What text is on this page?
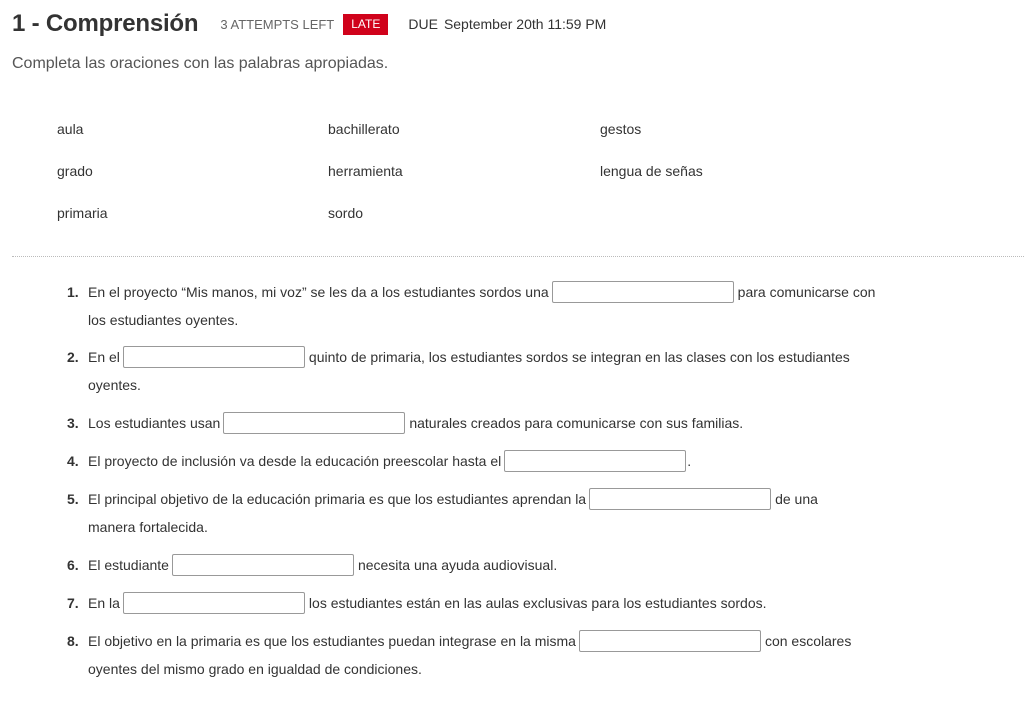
1 - Comprensión 3 ATTEMPTS LEFT	LATE	DUE September 20th 11:59 PM
Completa las oraciones con las palabras apropiadas.
aula	bachillerato	gestos
grado	herramienta	lengua de señas
primaria	sordo
1. En el proyecto “Mis manos, mi voz” se les da a los estudiantes sordos una	para comunicarse con
los estudiantes oyentes.
2. En el	quinto de primaria, los estudiantes sordos se integran en las clases con los estudiantes
oyentes.
3. Los estudiantes usan	naturales creados para comunicarse con sus familias.
4. El proyecto de inclusión va desde la educación preescolar hasta el	.
5. El principal objetivo de la educación primaria es que los estudiantes aprendan la	de una
manera fortalecida.
6. El estudiante	necesita una ayuda audiovisual.
7. En la	los estudiantes están en las aulas exclusivas para los estudiantes sordos.
8. El objetivo en la primaria es que los estudiantes puedan integrase en la misma	con escolares
oyentes del mismo grado en igualdad de condiciones.
